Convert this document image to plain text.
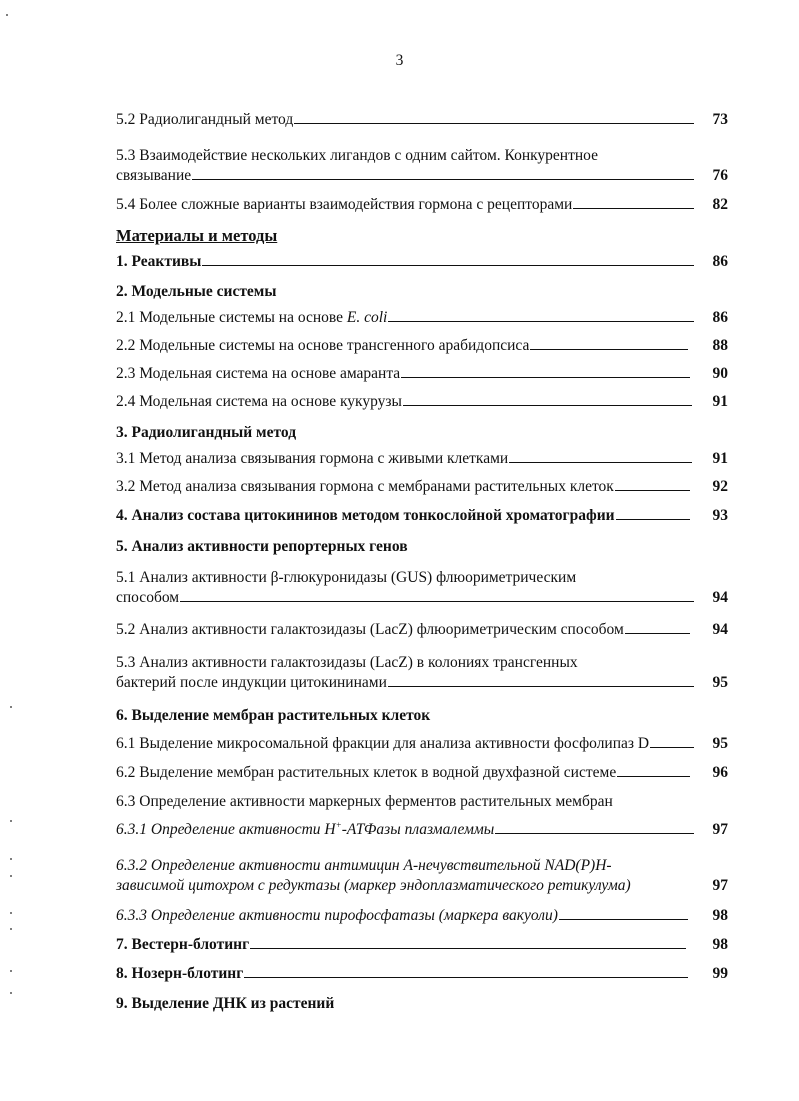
3
5.2 Радиолигандный метод	73
5.3 Взаимодействие нескольких лигандов с одним сайтом. Конкурентное
связывание	76
5.4 Более сложные варианты взаимодействия гормона с рецепторами	82
Материалы и методы
1. Реактивы	86
2. Модельные системы
2.1 Модельные системы на основе E. coli	86
2.2 Модельные системы на основе трансгенного арабидопсиса	88
2.3 Модельная система на основе амаранта	90
2.4 Модельная система на основе кукурузы	91
3. Радиолигандный метод
3.1 Метод анализа связывания гормона с живыми клетками	91
3.2 Метод анализа связывания гормона с мембранами растительных клеток	92
4. Анализ состава цитокининов методом тонкослойной хроматографии	93
5. Анализ активности репортерных генов
5.1 Анализ активности β-глюкуронидазы (GUS) флюориметрическим
способом	94
5.2 Анализ активности галактозидазы (LacZ) флюориметрическим способом	94
5.3 Анализ активности галактозидазы (LacZ) в колониях трансгенных
бактерий после индукции цитокининами	95
6. Выделение мембран растительных клеток
6.1 Выделение микросомальной фракции для анализа активности фосфолипаз D	95
6.2 Выделение мембран растительных клеток в водной двухфазной системе	96
6.3 Определение активности маркерных ферментов растительных мембран
6.3.1 Определение активности H+-АТФазы плазмалеммы	97
6.3.2 Определение активности антимицин А-нечувствительной NAD(P)H-
зависимой цитохром с редуктазы (маркер эндоплазматического ретикулума)	97
6.3.3 Определение активности пирофосфатазы (маркера вакуоли)	98
7. Вестерн-блотинг	98
8. Нозерн-блотинг	99
9. Выделение ДНК из растений
